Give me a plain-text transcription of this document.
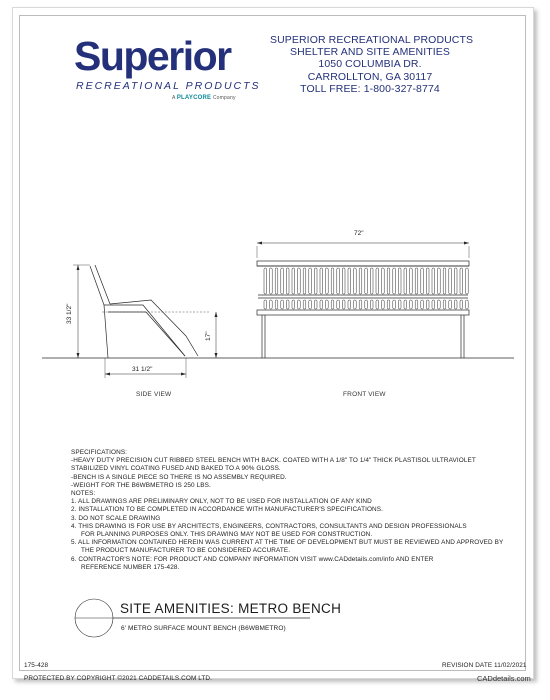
Superior
RECREATIONAL PRODUCTS
A PLAYCORE Company
SUPERIOR RECREATIONAL PRODUCTS
SHELTER AND SITE AMENITIES
1050 COLUMBIA DR.
CARROLLTON, GA 30117
TOLL FREE: 1-800-327-8774
72"
31 1/2"
33 1/2"
17"
SIDE VIEW	FRONT VIEW
SPECIFICATIONS:
-HEAVY DUTY PRECISION CUT RIBBED STEEL BENCH WITH BACK. COATED WITH A 1/8" TO 1/4" THICK PLASTISOL ULTRAVIOLET
STABILIZED VINYL COATING FUSED AND BAKED TO A 90% GLOSS.
-BENCH IS A SINGLE PIECE SO THERE IS NO ASSEMBLY REQUIRED.
-WEIGHT FOR THE B6WBMETRO IS 250 LBS.
NOTES:
1. ALL DRAWINGS ARE PRELIMINARY ONLY, NOT TO BE USED FOR INSTALLATION OF ANY KIND
2. INSTALLATION TO BE COMPLETED IN ACCORDANCE WITH MANUFACTURER'S SPECIFICATIONS.
3. DO NOT SCALE DRAWING
4. THIS DRAWING IS FOR USE BY ARCHITECTS, ENGINEERS, CONTRACTORS, CONSULTANTS AND DESIGN PROFESSIONALS
FOR PLANNING PURPOSES ONLY. THIS DRAWING MAY NOT BE USED FOR CONSTRUCTION.
5. ALL INFORMATION CONTAINED HEREIN WAS CURRENT AT THE TIME OF DEVELOPMENT BUT MUST BE REVIEWED AND APPROVED BY
THE PRODUCT MANUFACTURER TO BE CONSIDERED ACCURATE.
6. CONTRACTOR'S NOTE: FOR PRODUCT AND COMPANY INFORMATION VISIT www.CADdetails.com/info AND ENTER
REFERENCE NUMBER 175-428.
SITE AMENITIES: METRO BENCH
6' METRO SURFACE MOUNT BENCH (B6WBMETRO)
175-428	REVISION DATE 11/02/2021
PROTECTED BY COPYRIGHT ©2021 CADDETAILS.COM LTD.	CADdetails.com
